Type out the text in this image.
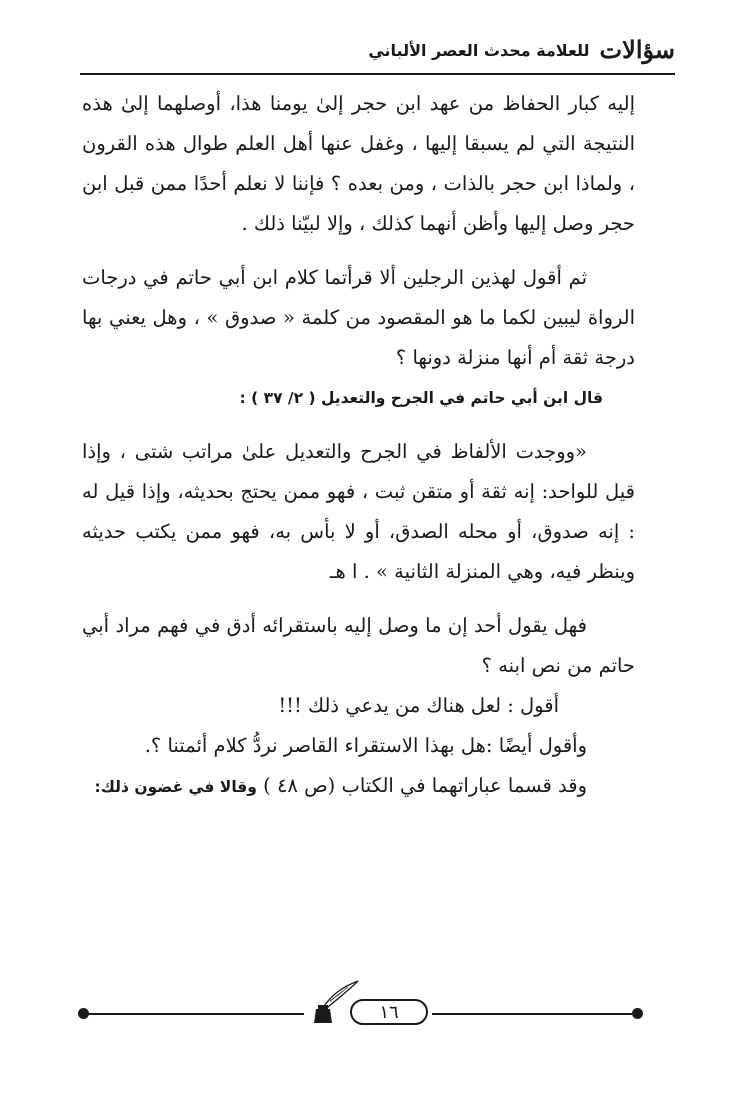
سؤالات
للعلامة محدث العصر الألباني

إليه كبار الحفاظ من عهد ابن حجر إلىٰ يومنا هذا، أوصلهما إلىٰ هذه النتيجة التي لم يسبقا إليها ، وغفل عنها أهل العلم طوال هذه القرون ، ولماذا ابن حجر بالذات ، ومن بعده ؟ فإننا لا نعلم أحدًا ممن قبل ابن حجر وصل إليها وأظن أنهما كذلك ، وإلا لبيّنا ذلك .

ثم أقول لهذين الرجلين ألا قرأتما كلام ابن أبي حاتم في درجات الرواة ليبين لكما ما هو المقصود من كلمة « صدوق » ، وهل يعني بها درجة ثقة أم أنها منزلة دونها ؟

قال ابن أبي حاتم في الجرح والتعديل ( ٢/ ٣٧ ) :

«ووجدت الألفاظ في الجرح والتعديل علىٰ مراتب شتى ، وإذا قيل للواحد: إنه ثقة أو متقن ثبت ، فهو ممن يحتج بحديثه، وإذا قيل له : إنه صدوق، أو محله الصدق، أو لا بأس به، فهو ممن يكتب حديثه وينظر فيه، وهي المنزلة الثانية » . ا هـ

فهل يقول أحد إن ما وصل إليه باستقرائه أدق في فهم مراد أبي حاتم من نص ابنه ؟

أقول : لعل هناك من يدعي ذلك !!!

وأقول أيضًا :هل بهذا الاستقراء القاصر نردُّ كلام أئمتنا ؟.

وقد قسما عباراتهما في الكتاب (ص ٤٨ ) وقالا في غضون ذلك:

١٦
